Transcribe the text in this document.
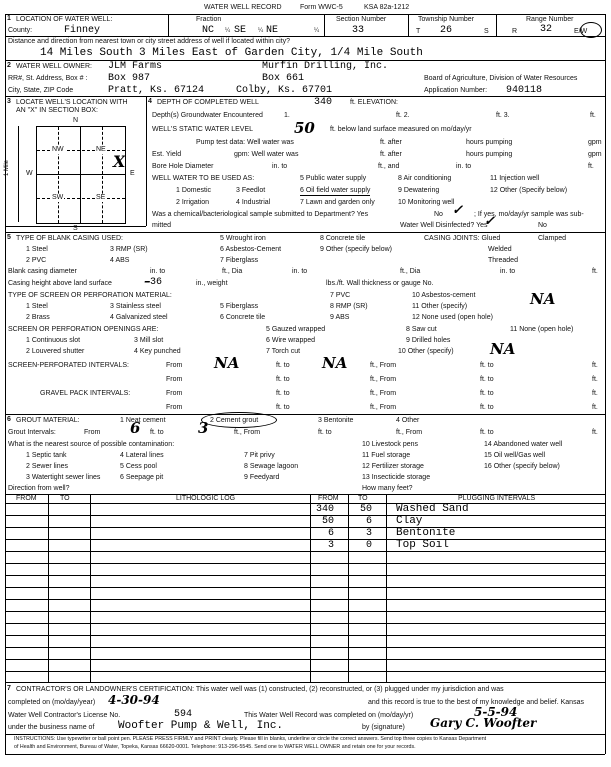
WATER WELL RECORD	Form WWC-5	KSA 82a-1212
1 LOCATION OF WATER WELL:
County:	Finney
Fraction
NC ¼ SE ¼ NE	¼
Section Number
33
Township Number
T 26	S
Range Number
R 32	E/W
Distance and direction from nearest town or city street address of well if located within city?
14 Miles South 3 Miles East of Garden City, 1/4 Mile South
2 WATER WELL OWNER: JLM Farms	Murfin Drilling, Inc.
RR#, St. Address, Box # : Box 987	Box 661	Board of Agriculture, Division of Water Resources
City, State, ZIP Code	Pratt, Ks. 67124	Colby, Ks. 67701	Application Number: 940118
3 LOCATE WELL'S LOCATION WITH
AN "X" IN SECTION BOX:
N
S
W	E
NW	NE
SW	SE
X
1 Mile
4 DEPTH OF COMPLETED WELL	340	ft. ELEVATION:
Depth(s) Groundwater Encountered	1.	ft. 2.	ft. 3.	ft.
WELL'S STATIC WATER LEVEL	50 ft. below land surface measured on mo/day/yr
Pump test data: Well water was	ft. after	hours pumping	gpm
Est. Yield	gpm: Well water was	ft. after	hours pumping	gpm
Bore Hole Diameter	in. to	ft., and	in. to	ft.
WELL WATER TO BE USED AS:	5 Public water supply	8 Air conditioning	11 Injection well
1 Domestic	3 Feedlot	6 Oil field water supply	9 Dewatering	12 Other (Specify below)
2 Irrigation	4 Industrial	7 Lawn and garden only	10 Monitoring well
Was a chemical/bacteriological sample submitted to Department? Yes	No ✓ ; If yes, mo/day/yr sample was sub-
mitted	Water Well Disinfected? Yes
✓	No
5 TYPE OF BLANK CASING USED:	5 Wrought iron	8 Concrete tile	CASING JOINTS: Glued	Clamped
1 Steel	3 RMP (SR)	6 Asbestos-Cement	9 Other (specify below)	Welded
2 PVC	4 ABS	7 Fiberglass	Threaded
Blank casing diameter	in. to	ft., Dia	in. to	ft., Dia	in. to	ft.
Casing height above land surface – 36	in., weight	lbs./ft. Wall thickness or gauge No.
TYPE OF SCREEN OR PERFORATION MATERIAL:	7 PVC	10 Asbestos-cement
1 Steel	3 Stainless steel	5 Fiberglass	8 RMP (SR)	11 Other (specify)	NA
2 Brass	4 Galvanized steel	6 Concrete tile	9 ABS	12 None used (open hole)
SCREEN OR PERFORATION OPENINGS ARE:	5 Gauzed wrapped	8 Saw cut	11 None (open hole)
1 Continuous slot	3 Mill slot	6 Wire wrapped	9 Drilled holes
2 Louvered shutter	4 Key punched	7 Torch cut	10 Other (specify) NA
SCREEN-PERFORATED INTERVALS:	From NA	ft. to NA	ft., From	ft. to	ft.
From	ft. to	ft., From	ft. to	ft.
GRAVEL PACK INTERVALS:	From	ft. to	ft., From	ft. to	ft.
From	ft. to	ft., From	ft. to	ft.
6 GROUT MATERIAL:	1 Neat cement	2 Cement grout	3 Bentonite	4 Other
Grout Intervals:	From 6 ft. to 3	ft., From	ft. to	ft., From	ft. to	ft.
What is the nearest source of possible contamination:	10 Livestock pens	14 Abandoned water well
1 Septic tank	4 Lateral lines	7 Pit privy	11 Fuel storage	15 Oil well/Gas well
2 Sewer lines	5 Cess pool	8 Sewage lagoon	12 Fertilizer storage	16 Other (specify below)
3 Watertight sewer lines	6 Seepage pit	9 Feedyard	13 Insecticide storage
Direction from well?	How many feet?
FROM	TO	LITHOLOGIC LOG	FROM	TO	PLUGGING INTERVALS
340	50 Washed Sand
50	6 Clay
6	3 Bentonite
3	0 Top Soil
7 CONTRACTOR'S OR LANDOWNER'S CERTIFICATION: This water well was (1) constructed, (2) reconstructed, or (3) plugged under my jurisdiction and was
completed on (mo/day/year) 4-30-94	and this record is true to the best of my knowledge and belief. Kansas
Water Well Contractor's License No.	594	This Water Well Record was completed on (mo/day/yr)	5-5-94
under the business name of Woofter Pump & Well, Inc.	by (signature) Gary C. Woofter
INSTRUCTIONS: Use typewriter or ball point pen. PLEASE PRESS FIRMLY and PRINT clearly. Please fill in blanks, underline or circle the correct answers. Send top three copies to Kansas Department
of Health and Environment, Bureau of Water, Topeka, Kansas 66620-0001. Telephone: 913-296-5545. Send one to WATER WELL OWNER and retain one for your records.
